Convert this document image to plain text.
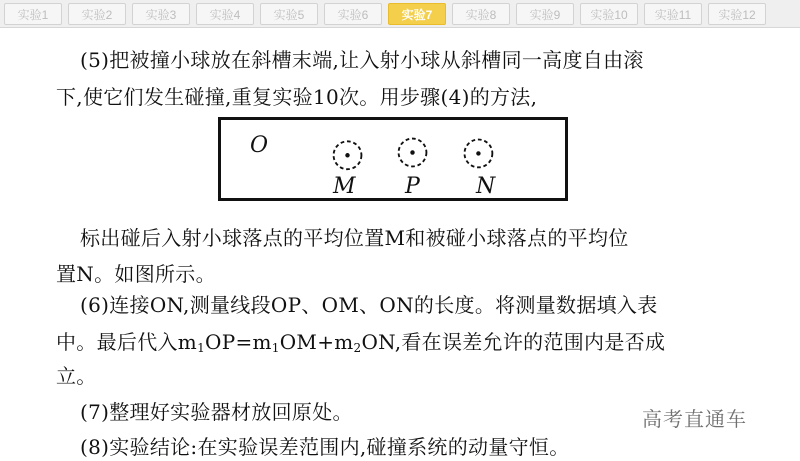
实验1	实验2	实验3	实验4	实验5	实验6	实验7	实验8	实验9	实验10	实验11	实验12
(5)把被撞小球放在斜槽末端,让入射小球从斜槽同一高度自由滚
下,使它们发生碰撞,重复实验10次。用步骤(4)的方法,
O
M P	N
标出碰后入射小球落点的平均位置M和被碰小球落点的平均位
置N。如图所示。
(6)连接ON,测量线段OP、OM、ON的长度。将测量数据填入表
中。最后代入$m_1OP=m_1OM+m_2ON$,看在误差允许的范围内是否成
立。
(7)整理好实验器材放回原处。
(8)实验结论:在实验误差范围内,碰撞系统的动量守恒。
高考直通车
